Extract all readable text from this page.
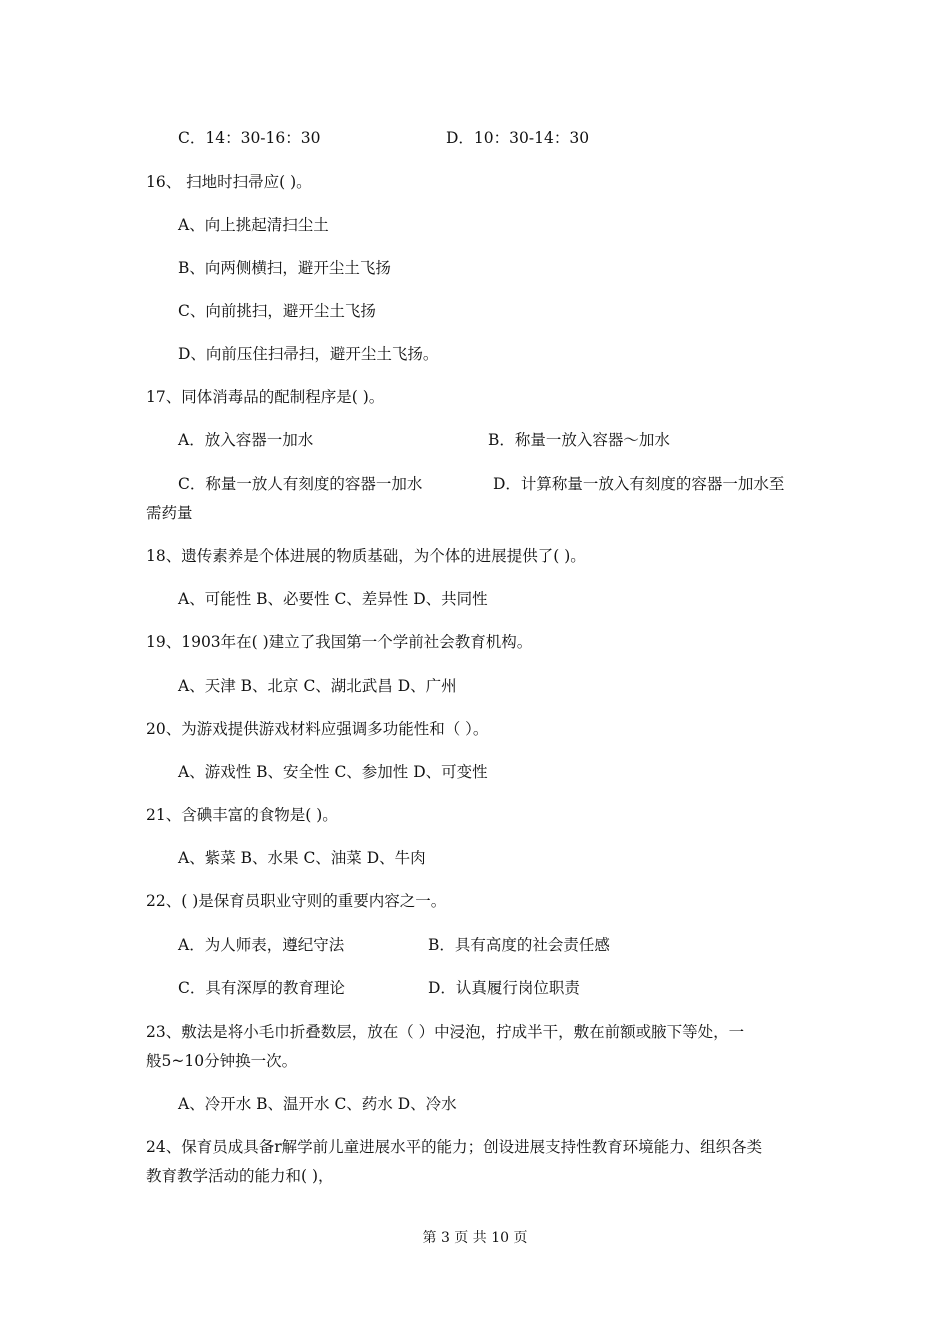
C．14：30-16：30	D．10：30-14：30
16、 扫地时扫帚应( )。
A、向上挑起清扫尘土
B、向两侧横扫，避开尘土飞扬
C、向前挑扫，避开尘土飞扬
D、向前压住扫帚扫，避开尘土飞扬。
17、同体消毒品的配制程序是( )。
A．放入容器一加水	B．称量一放入容器～加水
C．称量一放人有刻度的容器一加水	D．计算称量一放入有刻度的容器一加水至
需药量
18、遗传素养是个体进展的物质基础，为个体的进展提供了( )。
A、可能性 B、必要性 C、差异性 D、共同性
19、1903年在( )建立了我国第一个学前社会教育机构。
A、天津 B、北京 C、湖北武昌 D、广州
20、为游戏提供游戏材料应强调多功能性和（ ）。
A、游戏性 B、安全性 C、参加性 D、可变性
21、含碘丰富的食物是( )。
A、紫菜 B、水果 C、油菜 D、牛肉
22、( )是保育员职业守则的重要内容之一。
A．为人师表，遵纪守法	B．具有高度的社会责任感
C．具有深厚的教育理论	D．认真履行岗位职责
23、敷法是将小毛巾折叠数层，放在（ ）中浸泡，拧成半干，敷在前额或腋下等处，一
般5~10分钟换一次。
A、冷开水 B、温开水 C、药水 D、冷水
24、保育员成具备r解学前儿童进展水平的能力；创设进展支持性教育环境能力、组织各类
教育教学活动的能力和( )，
第 3 页 共 10 页
